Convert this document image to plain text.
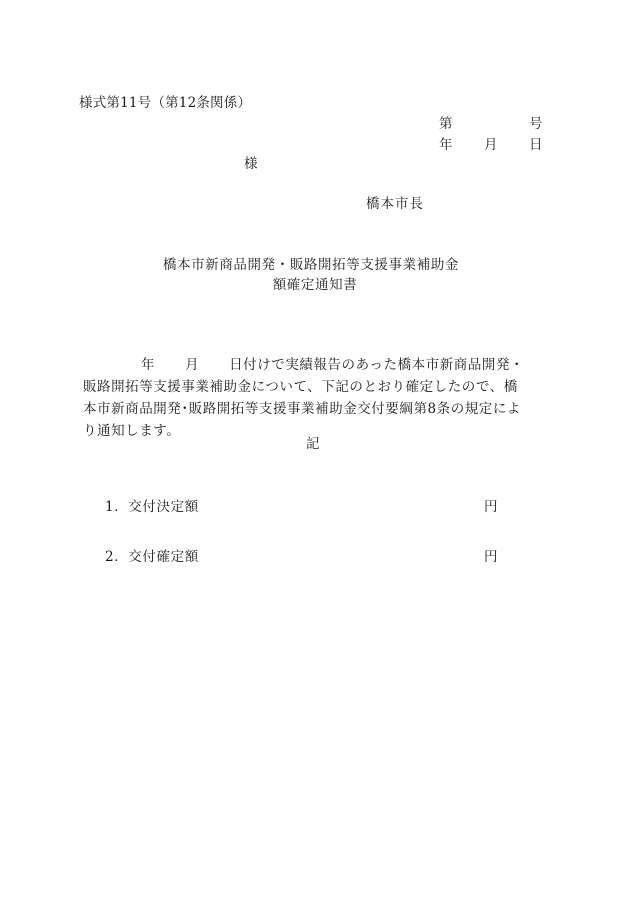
様式第11号（第12条関係）
第	号
年 月 日
様
橋本市長
橋本市新商品開発・販路開拓等支援事業補助金
額確定通知書
年 月 日付けで実績報告のあった橋本市新商品開発・
販路開拓等支援事業補助金について、下記のとおり確定したので、橋
本市新商品開発･販路開拓等支援事業補助金交付要綱第8条の規定によ
り通知します。
記
1．交付決定額	円
2．交付確定額	円
